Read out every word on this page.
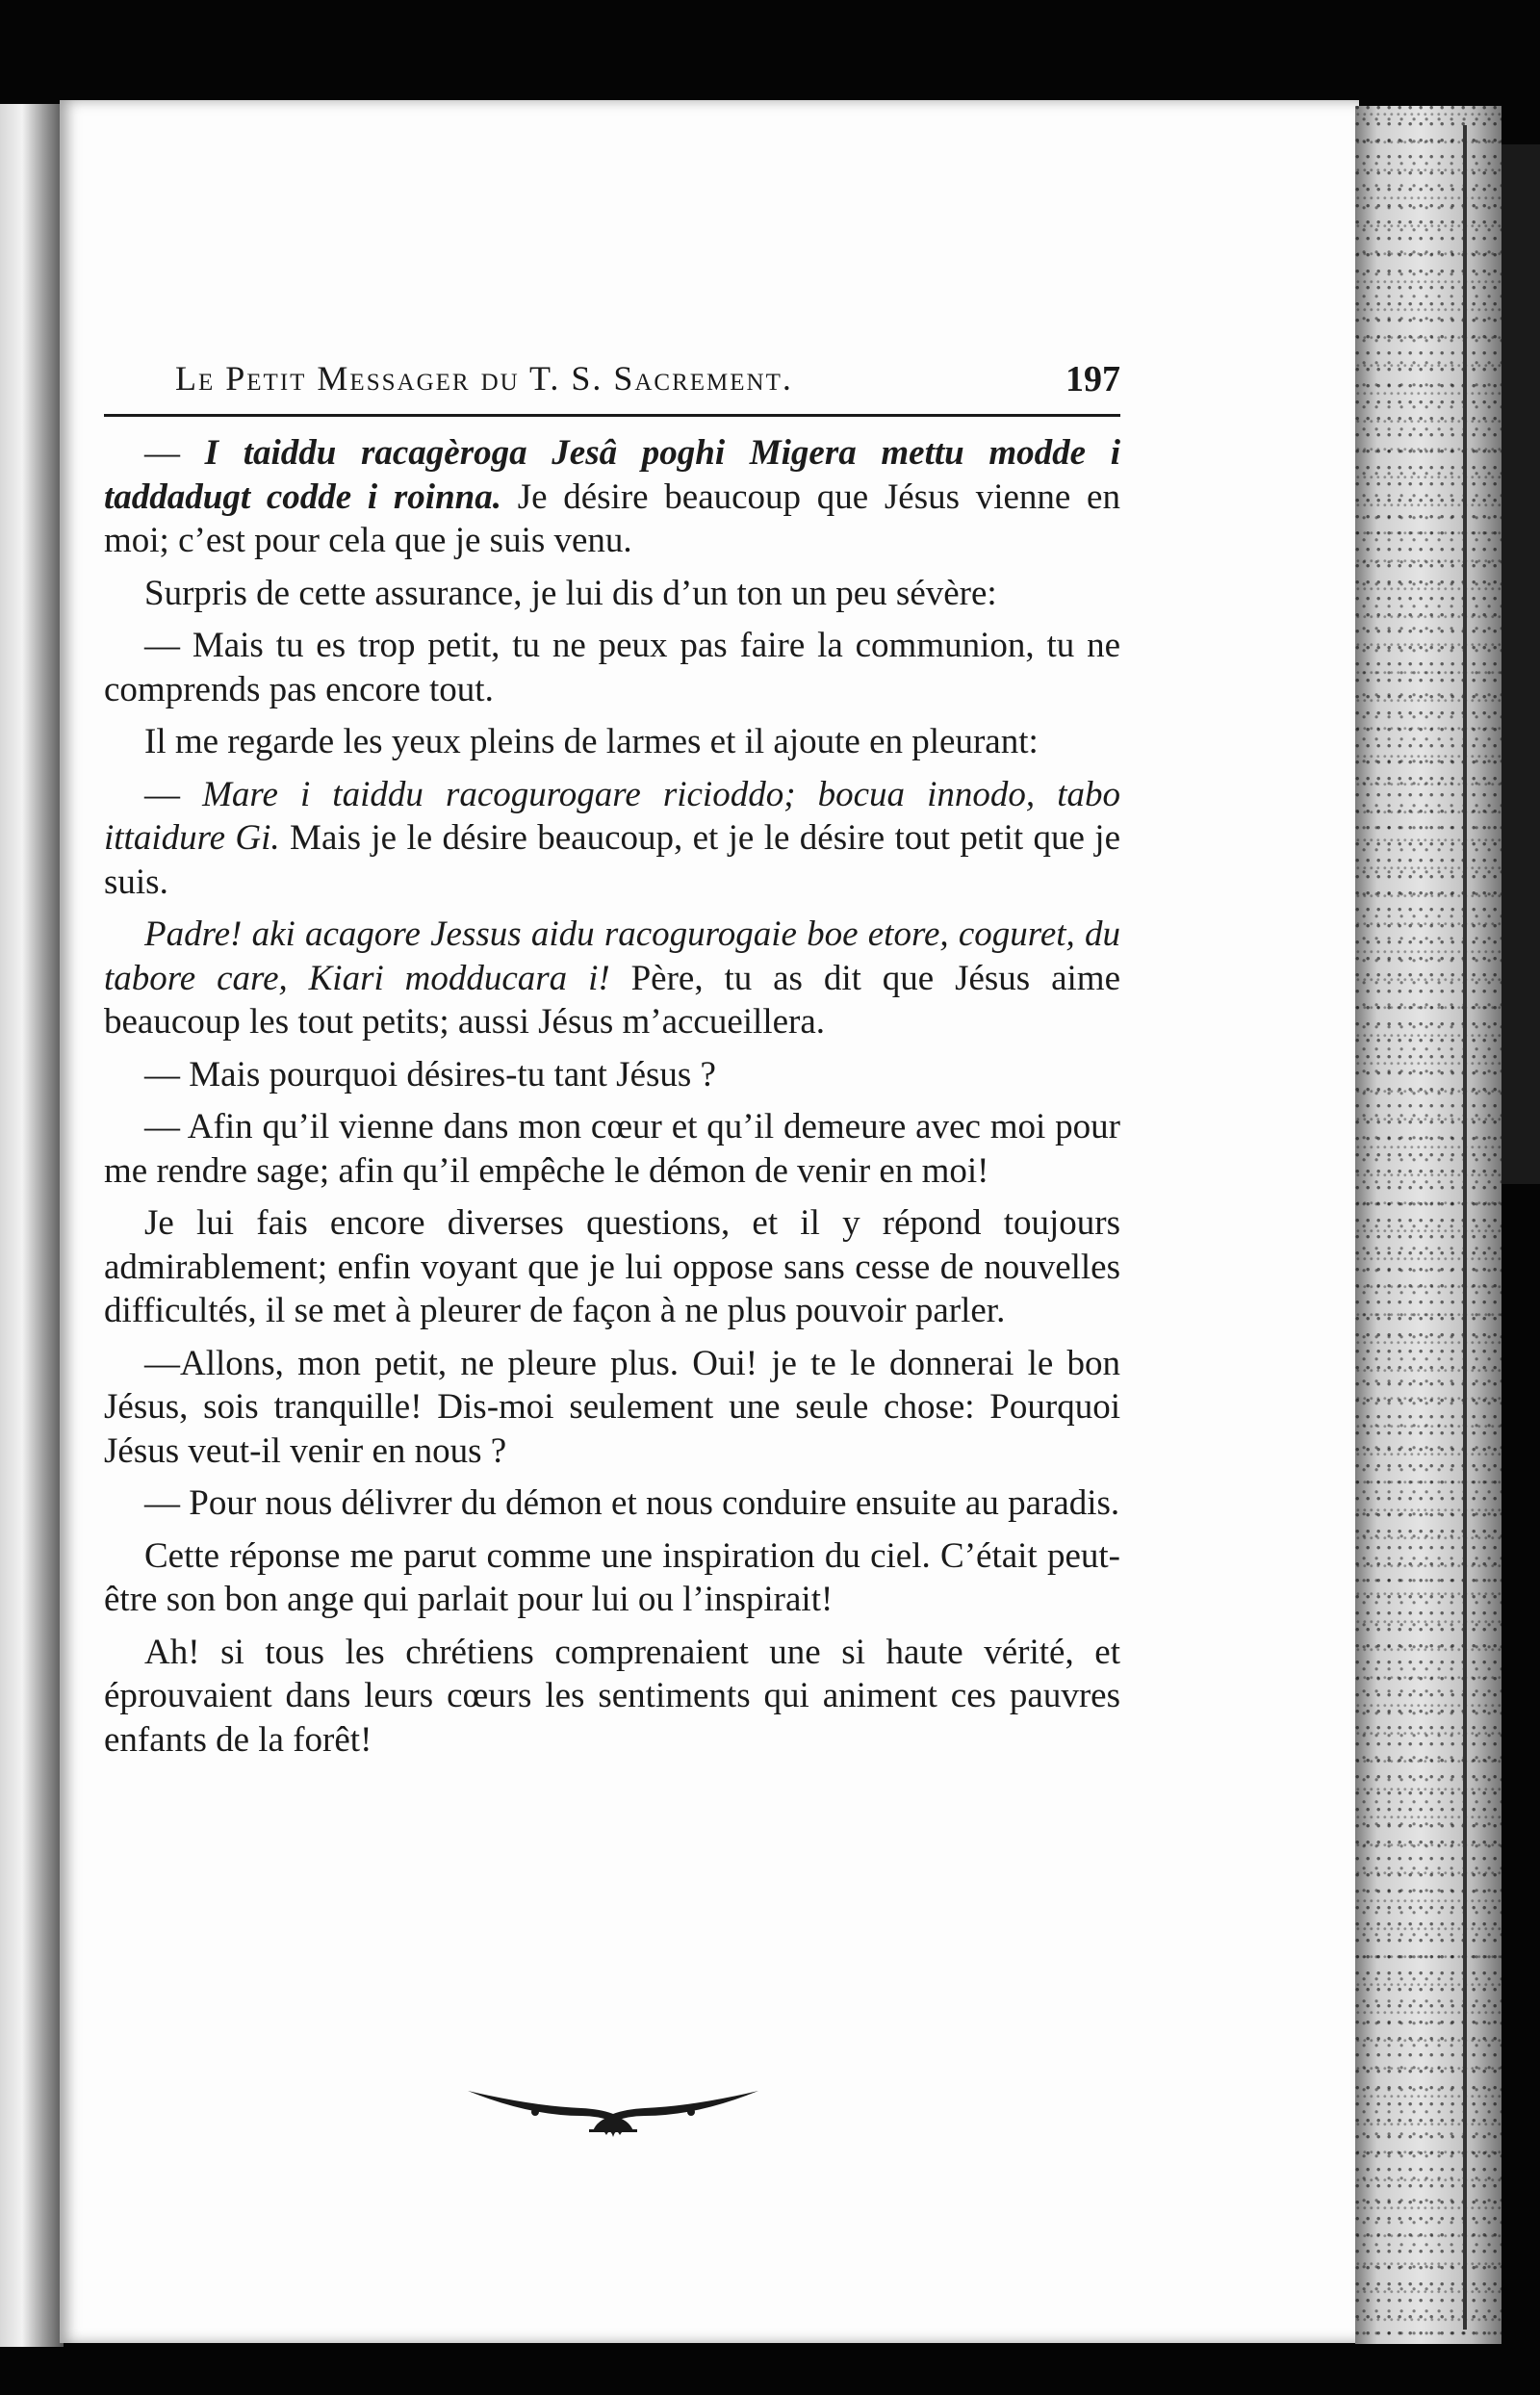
Le Petit Messager du T. S. Sacrement.	197

— I taiddu racagèroga Jesâ poghi Migera mettu modde i taddadugt codde i roinna. Je désire beaucoup que Jésus vienne en moi; c’est pour cela que je suis venu.

Surpris de cette assurance, je lui dis d’un ton un peu sévère:

— Mais tu es trop petit, tu ne peux pas faire la communion, tu ne comprends pas encore tout.

Il me regarde les yeux pleins de larmes et il ajoute en pleurant:

— Mare i taiddu racogurogare ricioddo; bocua innodo, tabo ittaidure Gi. Mais je le désire beaucoup, et je le désire tout petit que je suis.

Padre! aki acagore Jessus aidu racogurogaie boe etore, coguret, du tabore care, Kiari modducara i! Père, tu as dit que Jésus aime beaucoup les tout petits; aussi Jésus m’accueillera.

— Mais pourquoi désires-tu tant Jésus ?

— Afin qu’il vienne dans mon cœur et qu’il demeure avec moi pour me rendre sage; afin qu’il empêche le démon de venir en moi!

Je lui fais encore diverses questions, et il y répond toujours admirablement; enfin voyant que je lui oppose sans cesse de nouvelles difficultés, il se met à pleurer de façon à ne plus pouvoir parler.

—Allons, mon petit, ne pleure plus. Oui! je te le donnerai le bon Jésus, sois tranquille! Dis-moi seulement une seule chose: Pourquoi Jésus veut-il venir en nous ?

— Pour nous délivrer du démon et nous conduire ensuite au paradis.

Cette réponse me parut comme une inspiration du ciel. C’était peut-être son bon ange qui parlait pour lui ou l’inspirait!

Ah! si tous les chrétiens comprenaient une si haute vérité, et éprouvaient dans leurs cœurs les sentiments qui animent ces pauvres enfants de la forêt!
